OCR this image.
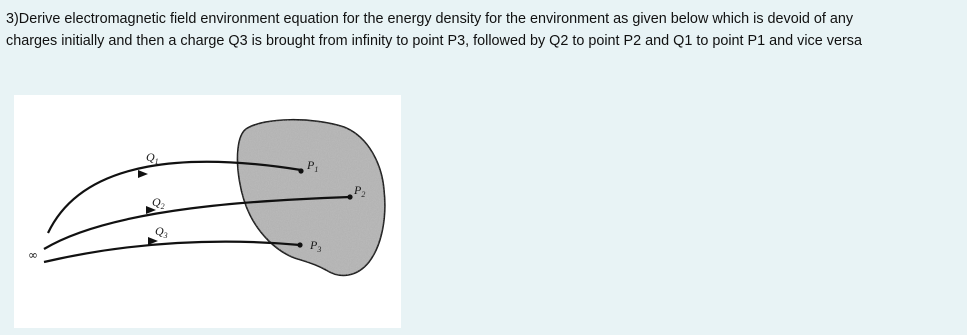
3)Derive electromagnetic field environment equation for the energy density for the environment as given below which is devoid of any

charges initially and then a charge Q3 is brought from infinity to point P3, followed by Q2 to point P2 and Q1 to point P1 and vice versa

∞
$Q_1$
$Q_2$
$Q_3$
$P_1$
$P_2$
$P_3$
